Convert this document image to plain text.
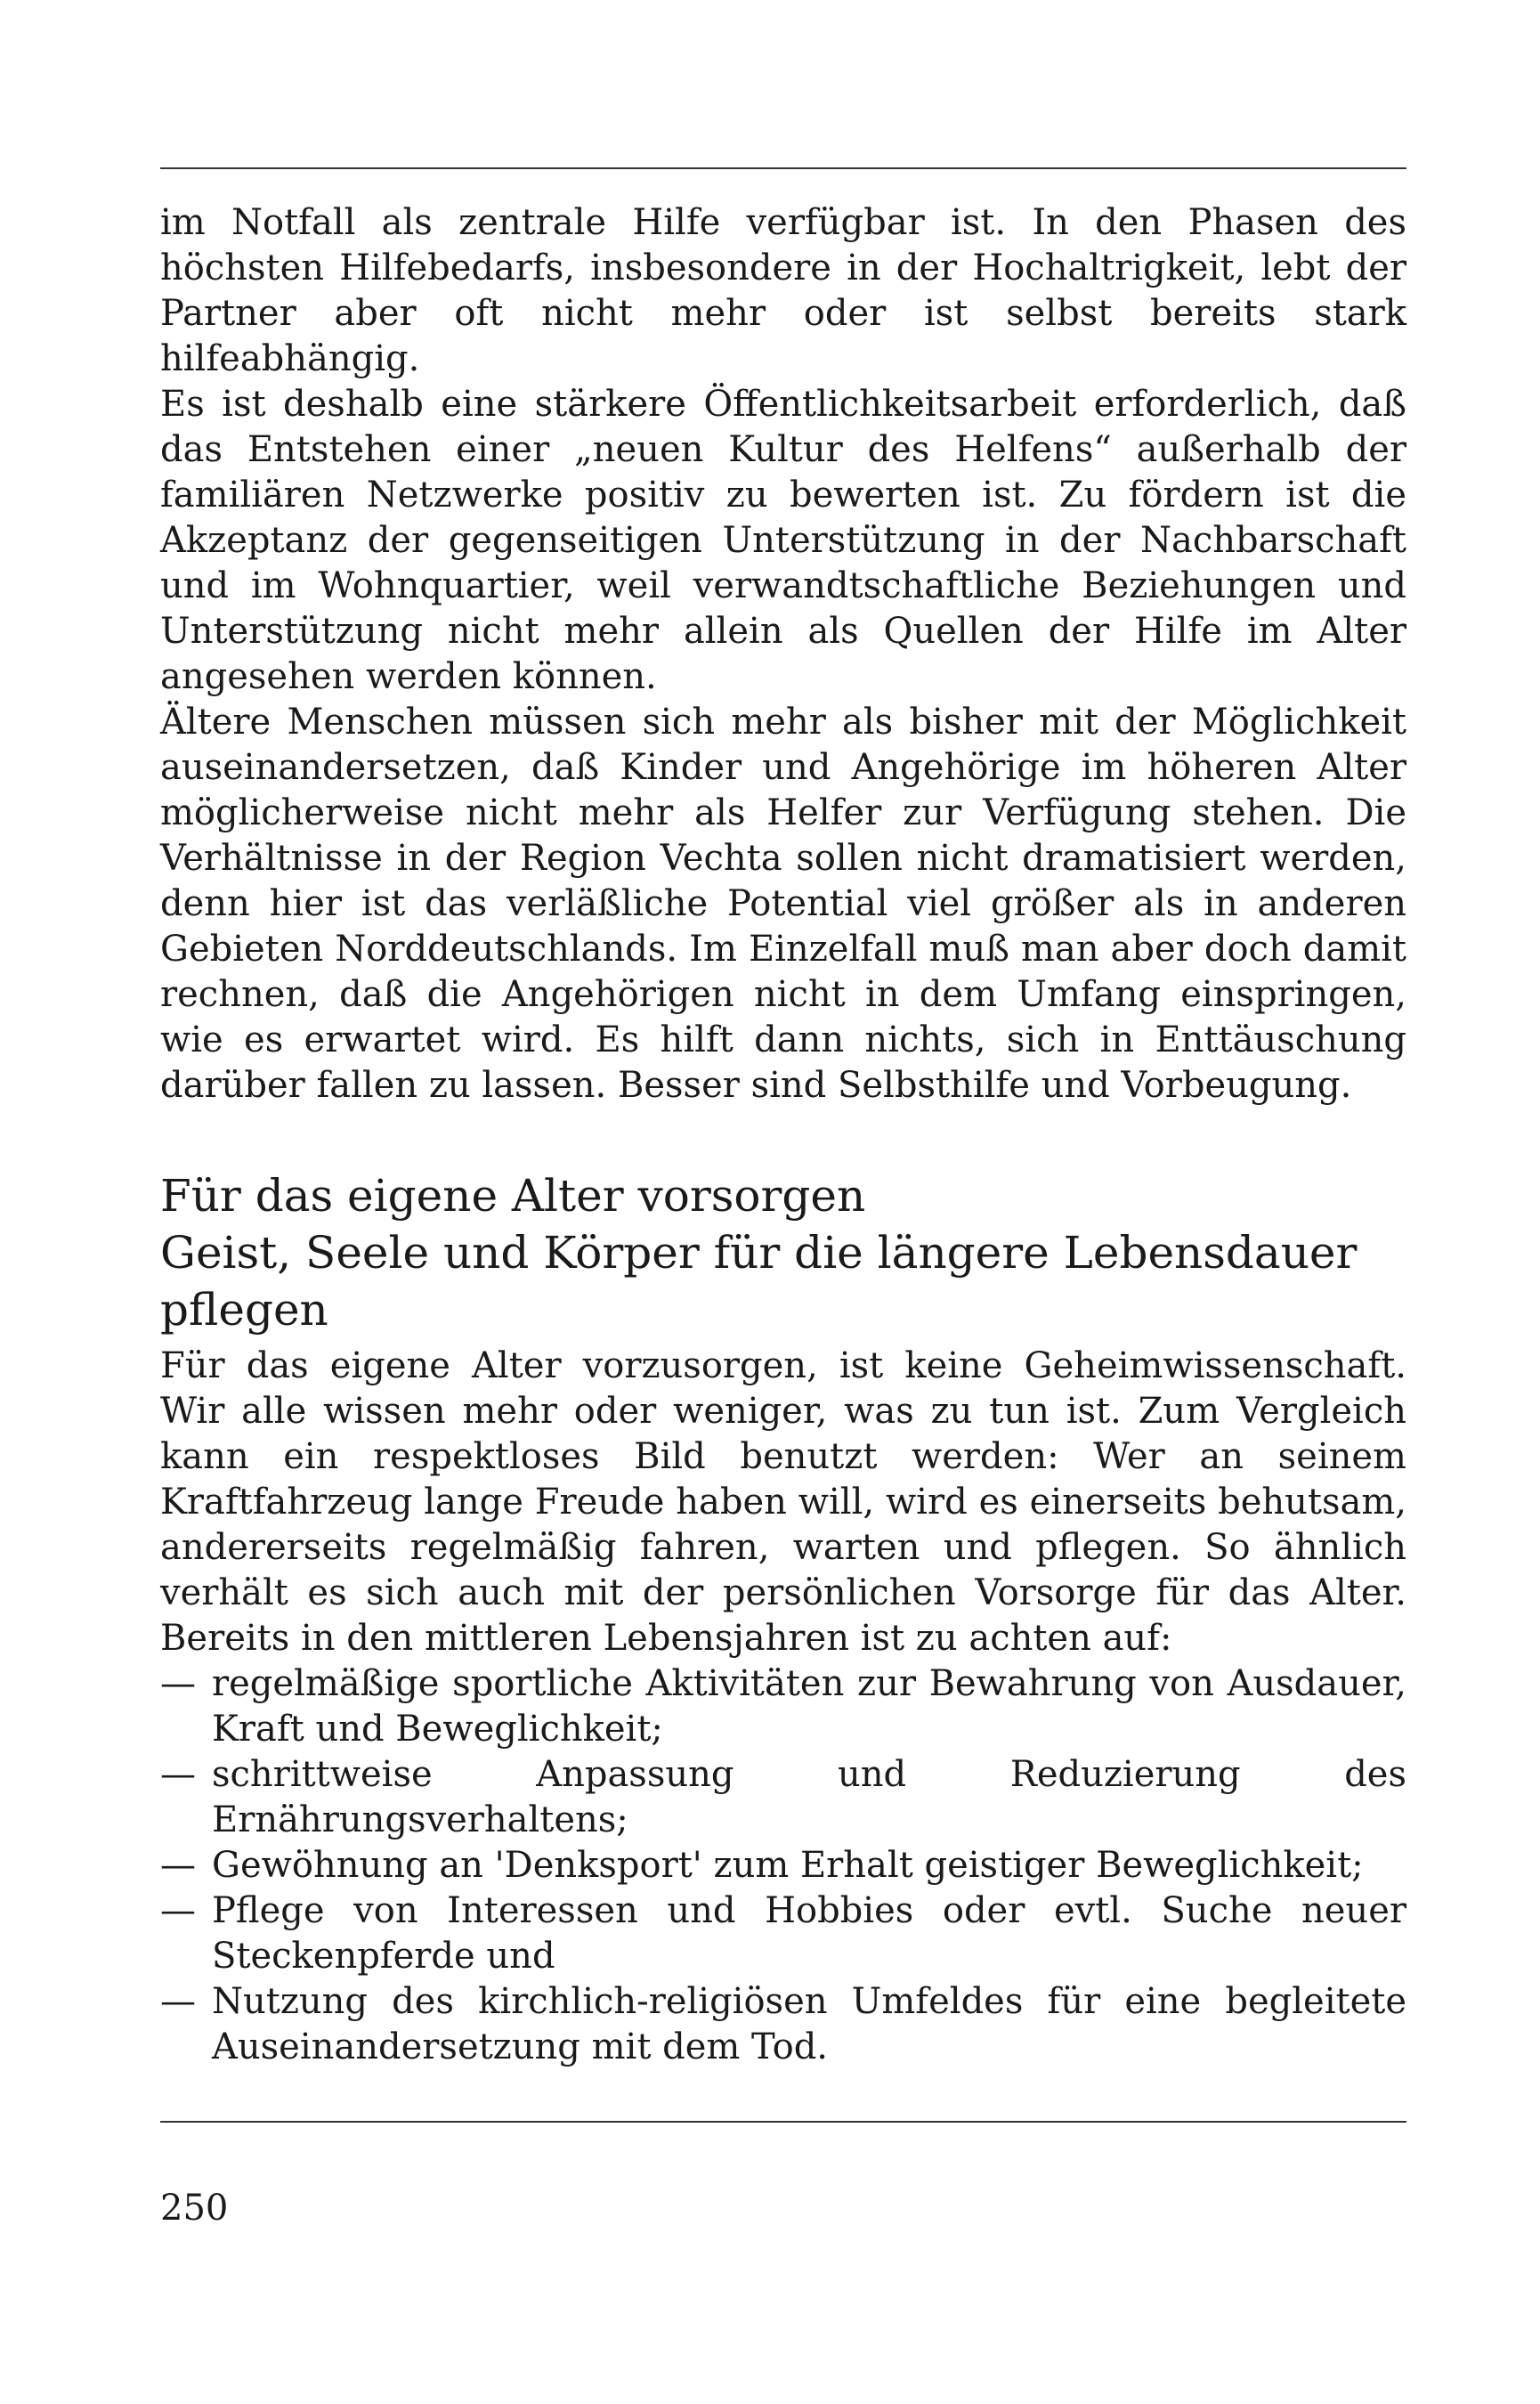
im Notfall als zentrale Hilfe verfügbar ist. In den Phasen des höchsten Hilfebedarfs, insbesondere in der Hochaltrigkeit, lebt der Partner aber oft nicht mehr oder ist selbst bereits stark hilfeabhängig.

Es ist deshalb eine stärkere Öffentlichkeitsarbeit erforderlich, daß das Entstehen einer „neuen Kultur des Helfens“ außerhalb der familiären Netzwerke positiv zu bewerten ist. Zu fördern ist die Akzeptanz der gegenseitigen Unterstützung in der Nachbarschaft und im Wohnquartier, weil verwandtschaftliche Beziehungen und Unterstützung nicht mehr allein als Quellen der Hilfe im Alter angesehen werden können.

Ältere Menschen müssen sich mehr als bisher mit der Möglichkeit auseinandersetzen, daß Kinder und Angehörige im höheren Alter möglicherweise nicht mehr als Helfer zur Verfügung stehen. Die Verhältnisse in der Region Vechta sollen nicht dramatisiert werden, denn hier ist das verläßliche Potential viel größer als in anderen Gebieten Norddeutschlands. Im Einzelfall muß man aber doch damit rechnen, daß die Angehörigen nicht in dem Umfang einspringen, wie es erwartet wird. Es hilft dann nichts, sich in Enttäuschung darüber fallen zu lassen. Besser sind Selbsthilfe und Vorbeugung.

Für das eigene Alter vorsorgen
Geist, Seele und Körper für die längere Lebensdauer pflegen

Für das eigene Alter vorzusorgen, ist keine Geheimwissenschaft. Wir alle wissen mehr oder weniger, was zu tun ist. Zum Vergleich kann ein respektloses Bild benutzt werden: Wer an seinem Kraftfahrzeug lange Freude haben will, wird es einerseits behutsam, andererseits regelmäßig fahren, warten und pflegen. So ähnlich verhält es sich auch mit der persönlichen Vorsorge für das Alter. Bereits in den mittleren Lebensjahren ist zu achten auf:

— regelmäßige sportliche Aktivitäten zur Bewahrung von Ausdauer, Kraft und Beweglichkeit;
— schrittweise Anpassung und Reduzierung des Ernährungsverhaltens;
— Gewöhnung an 'Denksport' zum Erhalt geistiger Beweglichkeit;
— Pflege von Interessen und Hobbies oder evtl. Suche neuer Steckenpferde und
— Nutzung des kirchlich-religiösen Umfeldes für eine begleitete Auseinandersetzung mit dem Tod.
250
